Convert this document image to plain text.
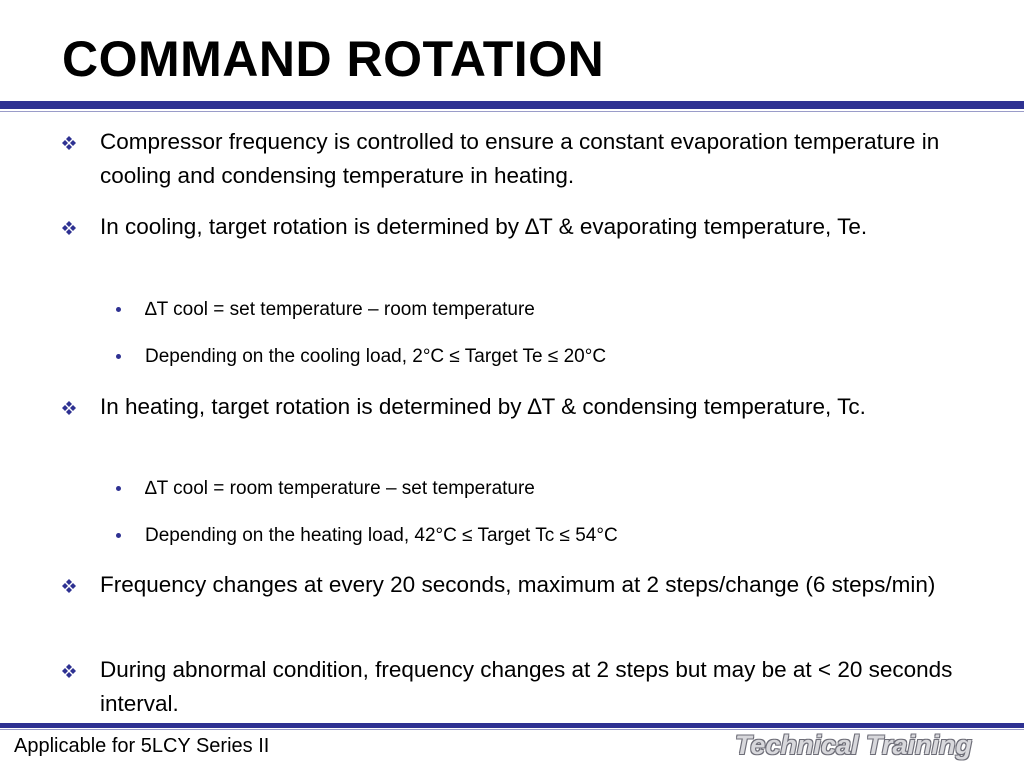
COMMAND ROTATION
Compressor frequency is controlled to ensure a constant evaporation temperature in cooling and condensing temperature in heating.
In cooling, target rotation is determined by ∆T & evaporating temperature, Te.
∆T cool = set temperature – room temperature
Depending on the cooling load, 2°C ≤ Target Te ≤ 20°C
In heating, target rotation is determined by ∆T & condensing temperature, Tc.
∆T cool = room temperature – set temperature
Depending on the heating load, 42°C ≤ Target Tc ≤ 54°C
Frequency changes at every 20 seconds, maximum at 2 steps/change (6 steps/min)
During abnormal condition, frequency changes at 2 steps but may be at < 20 seconds interval.
Applicable for 5LCY Series II	Technical Training
